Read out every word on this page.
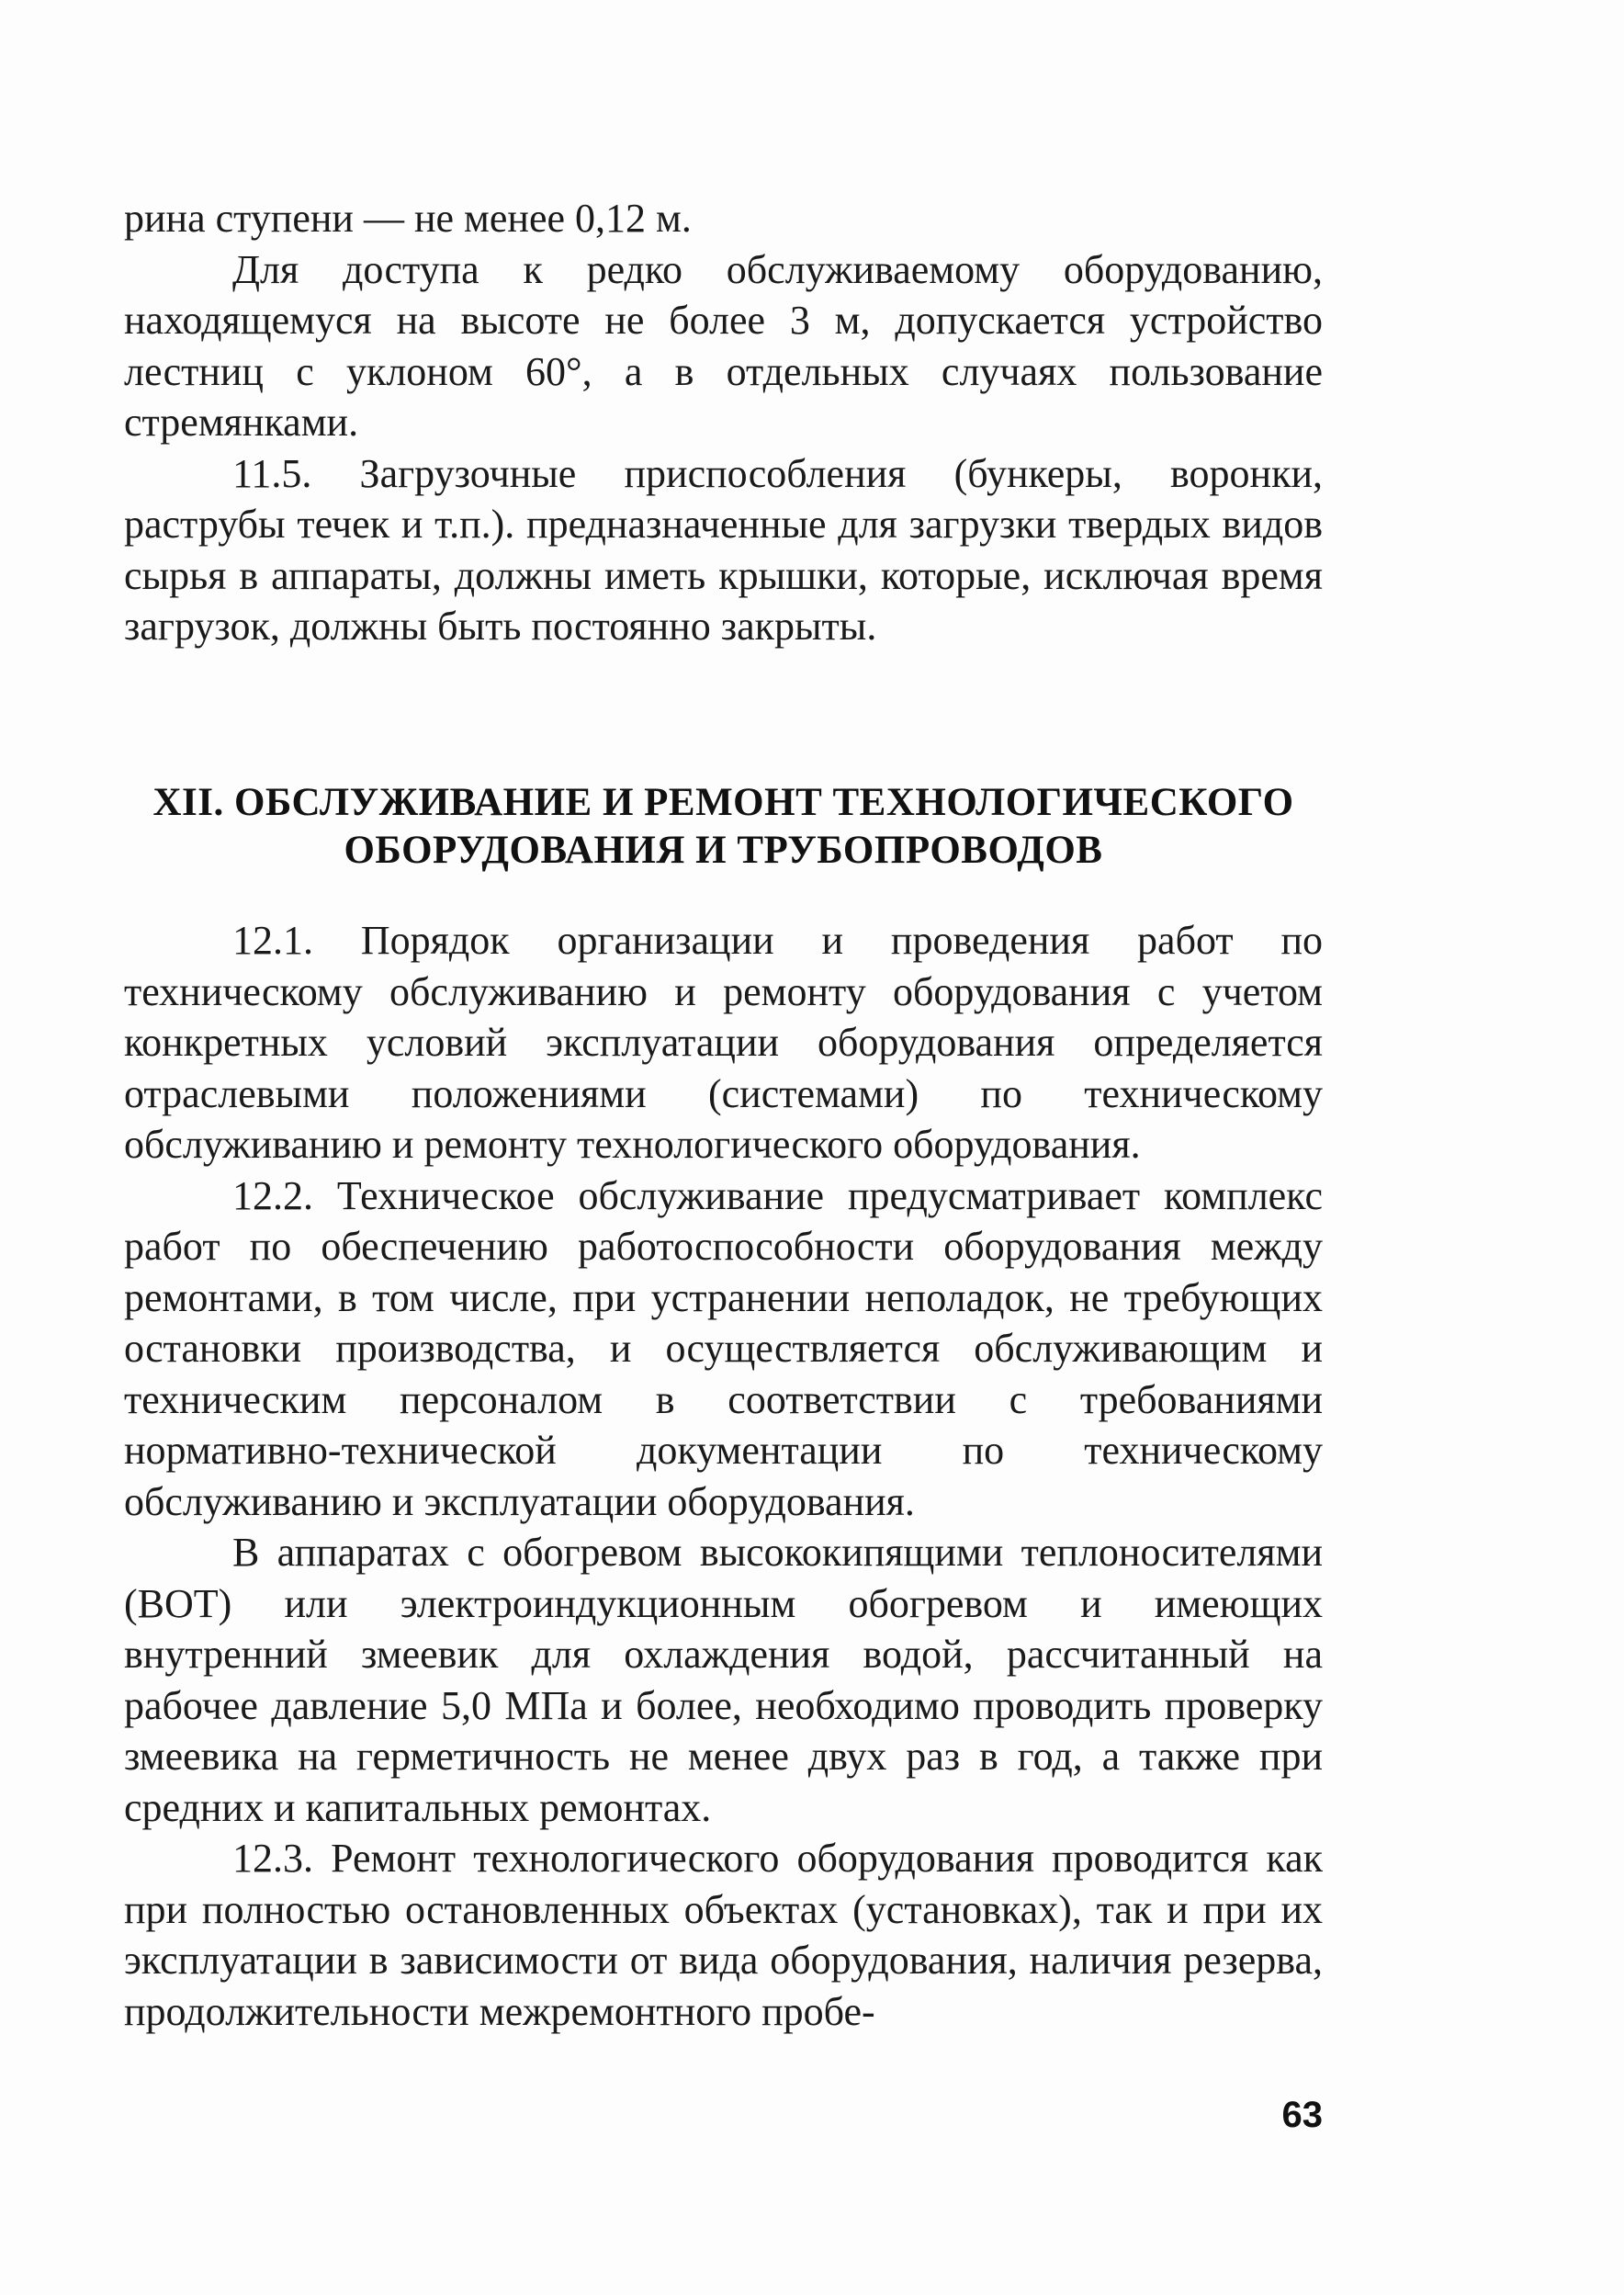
рина ступени — не менее 0,12 м.

Для доступа к редко обслуживаемому оборудованию, находящемуся на высоте не более 3 м, допускается устройство лестниц с уклоном 60°, а в отдельных случаях пользование стремянками.

11.5. Загрузочные приспособления (бункеры, воронки, раструбы течек и т.п.). предназначенные для загрузки твердых видов сырья в аппараты, должны иметь крышки, которые, исключая время загрузок, должны быть постоянно закрыты.

XII. ОБСЛУЖИВАНИЕ И РЕМОНТ ТЕХНОЛОГИЧЕСКОГО
ОБОРУДОВАНИЯ И ТРУБОПРОВОДОВ

12.1. Порядок организации и проведения работ по техническому обслуживанию и ремонту оборудования с учетом конкретных условий эксплуатации оборудования определяется отраслевыми положениями (системами) по техническому обслуживанию и ремонту технологического оборудования.

12.2. Техническое обслуживание предусматривает комплекс работ по обеспечению работоспособности оборудования между ремонтами, в том числе, при устранении неполадок, не требующих остановки производства, и осуществляется обслуживающим и техническим персоналом в соответствии с требованиями нормативно-технической документации по техническому обслуживанию и эксплуатации оборудования.

В аппаратах с обогревом высококипящими теплоносителями (ВОТ) или электроиндукционным обогревом и имеющих внутренний змеевик для охлаждения водой, рассчитанный на рабочее давление 5,0 МПа и более, необходимо проводить проверку змеевика на герметичность не менее двух раз в год, а также при средних и капитальных ремонтах.

12.3. Ремонт технологического оборудования проводится как при полностью остановленных объектах (установках), так и при их эксплуатации в зависимости от вида оборудования, наличия резерва, продолжительности межремонтного пробе-

63
